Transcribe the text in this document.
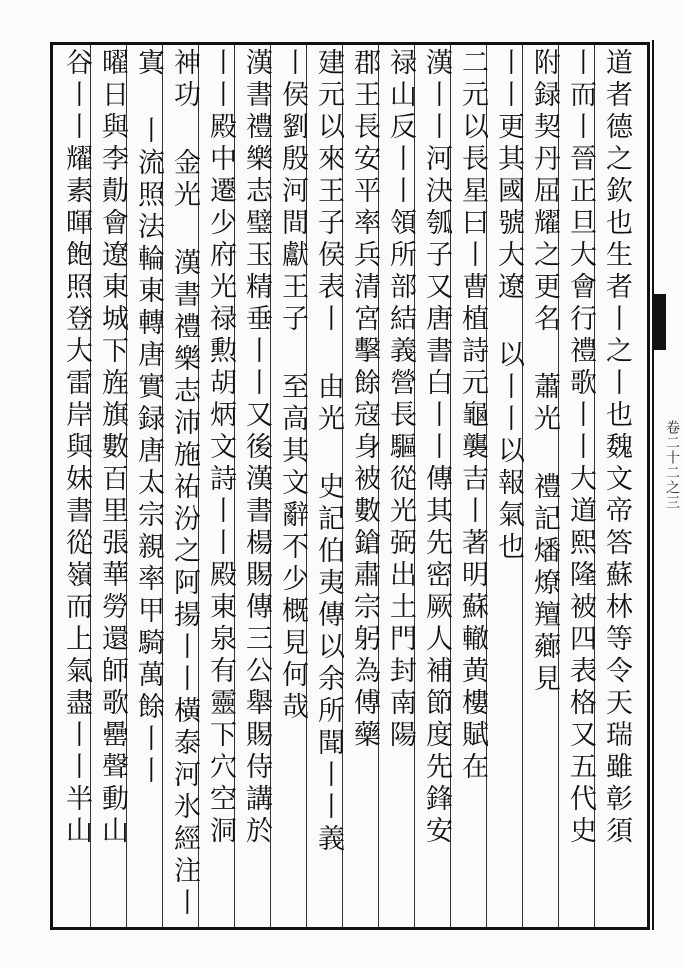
道者德之欽也生者丨之丨也魏文帝答蘇林等令天瑞雖彰須
丨而丨晉正旦大會行禮歌丨丨大道熙隆被四表格又五代史
附録契丹屈耀之更名 蕭光 禮記燔燎羶薌見
丨丨更其國號大遼 以丨丨以報氣也
二元以長星曰丨曹植詩元龜襲吉丨著明蘇轍黄樓賦在
漢丨丨河決瓠子又唐書白丨丨傳其先密厥人補節度先鋒安
禄山反丨丨領所部結義營長驅從光弼出土門封南陽
郡王長安平率兵清宮擊餘寇身被數鎗肅宗躬為傅藥
建元以來王子侯表丨 由光 史記伯夷傳以余所聞丨丨義
丨侯劉殷河間獻王子 至高其文辭不少概見何哉
漢書禮樂志璧玉精垂丨丨又後漢書楊賜傳三公舉賜侍講於
丨丨殿中遷少府光禄勲胡炳文詩丨丨殿東泉有靈下穴空洞
神功 金光 漢書禮樂志沛施祐汾之阿揚丨丨橫泰河氷經注丨
寘 丨流照法輪東轉唐實録唐太宗親率甲騎萬餘丨丨
曜日與李勣會遼東城下旌旗數百里張華勞還師歌罍聲動山
谷丨丨耀素暉飽照登大雷岸與妹書從嶺而上氣盡丨丨半山	卷二十二之三
